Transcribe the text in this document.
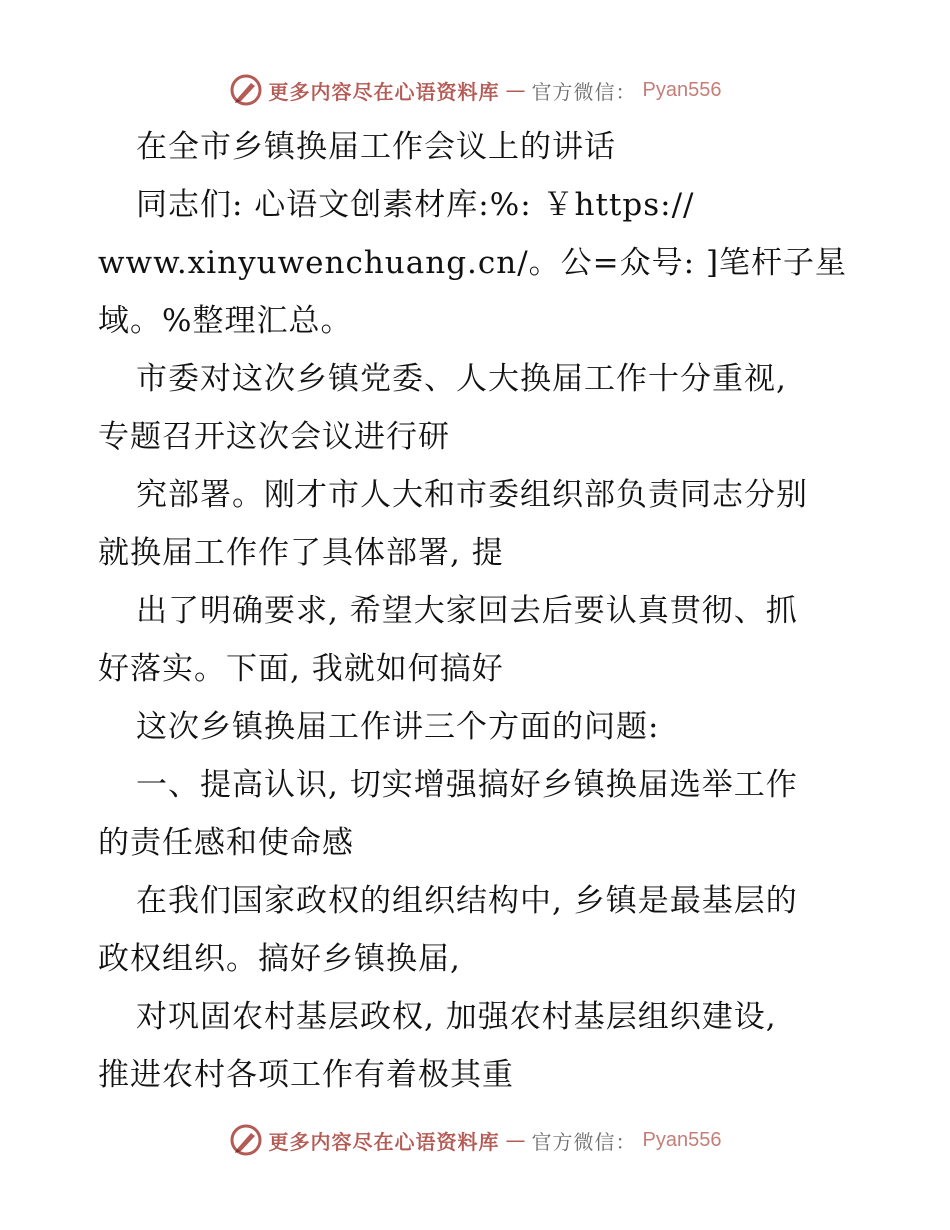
更多内容尽在心语资料库 — 官方微信： Pyan556
在全市乡镇换届工作会议上的讲话
同志们: 心语文创素材库:%: ￥https://
www.xinyuwenchuang.cn/。公=众号: ]笔杆子星
域。%整理汇总。
市委对这次乡镇党委、人大换届工作十分重视,
专题召开这次会议进行研
究部署。刚才市人大和市委组织部负责同志分别
就换届工作作了具体部署, 提
出了明确要求, 希望大家回去后要认真贯彻、抓
好落实。下面, 我就如何搞好
这次乡镇换届工作讲三个方面的问题:
一、提高认识, 切实增强搞好乡镇换届选举工作
的责任感和使命感
在我们国家政权的组织结构中, 乡镇是最基层的
政权组织。搞好乡镇换届,
对巩固农村基层政权, 加强农村基层组织建设,
推进农村各项工作有着极其重
更多内容尽在心语资料库 — 官方微信： Pyan556
